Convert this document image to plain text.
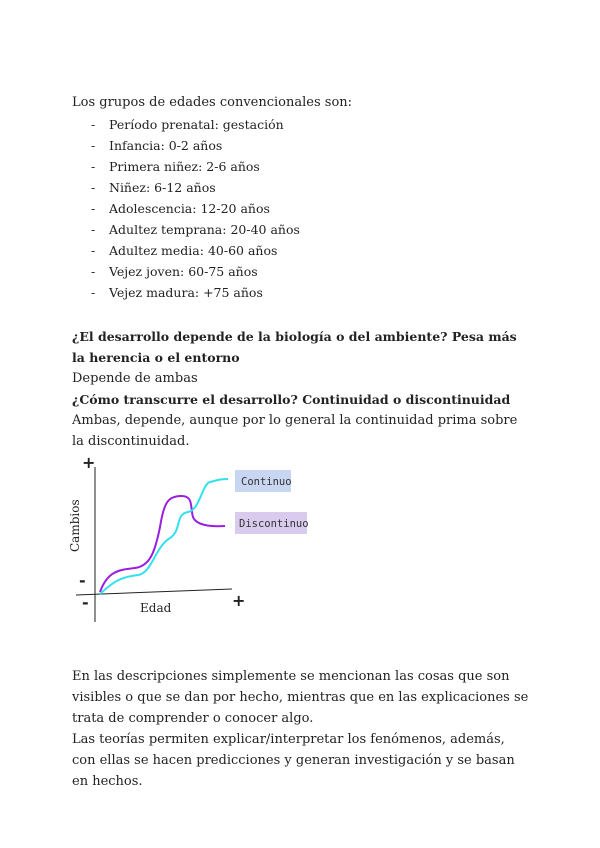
Los grupos de edades convencionales son:
- Período prenatal: gestación
- Infancia: 0-2 años
- Primera niñez: 2-6 años
- Niñez: 6-12 años
- Adolescencia: 12-20 años
- Adultez temprana: 20-40 años
- Adultez media: 40-60 años
- Vejez joven: 60-75 años
- Vejez madura: +75 años
¿El desarrollo depende de la biología o del ambiente? Pesa más la herencia o el entorno
Depende de ambas
¿Cómo transcurre el desarrollo? Continuidad o discontinuidad
Ambas, depende, aunque por lo general la continuidad prima sobre la discontinuidad.
+
+
-
-
Cambios
Edad
Continuo
Discontinuo
En las descripciones simplemente se mencionan las cosas que son visibles o que se dan por hecho, mientras que en las explicaciones se trata de comprender o conocer algo.
Las teorías permiten explicar/interpretar los fenómenos, además, con ellas se hacen predicciones y generan investigación y se basan en hechos.
